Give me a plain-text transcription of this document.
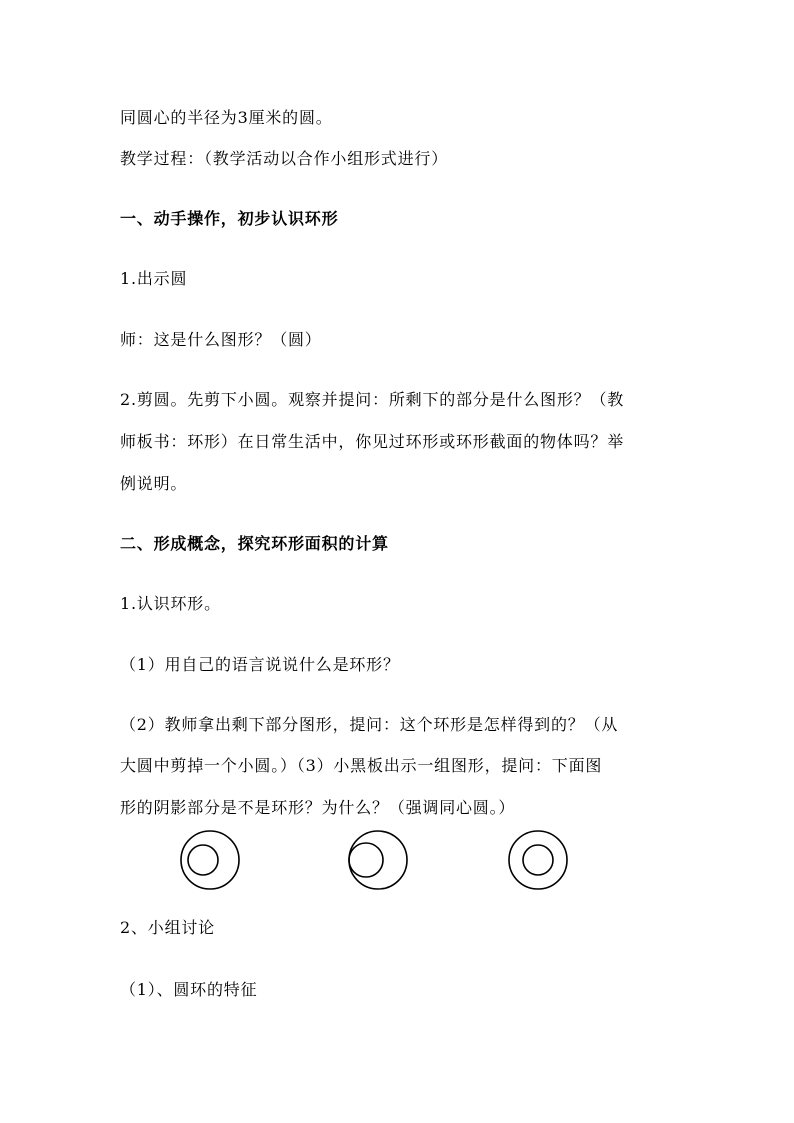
同圆心的半径为3厘米的圆。
教学过程：（教学活动以合作小组形式进行）
一、动手操作，初步认识环形
1.出示圆
师：这是什么图形？（圆）
2.剪圆。先剪下小圆。观察并提问：所剩下的部分是什么图形？（教
师板书：环形）在日常生活中，你见过环形或环形截面的物体吗？举
例说明。
二、形成概念，探究环形面积的计算
1.认识环形。
（1）用自己的语言说说什么是环形？
（2）教师拿出剩下部分图形，提问：这个环形是怎样得到的？（从
大圆中剪掉一个小圆。）（3）小黑板出示一组图形，提问：下面图
形的阴影部分是不是环形？为什么？（强调同心圆。）
2、小组讨论
（1）、圆环的特征
